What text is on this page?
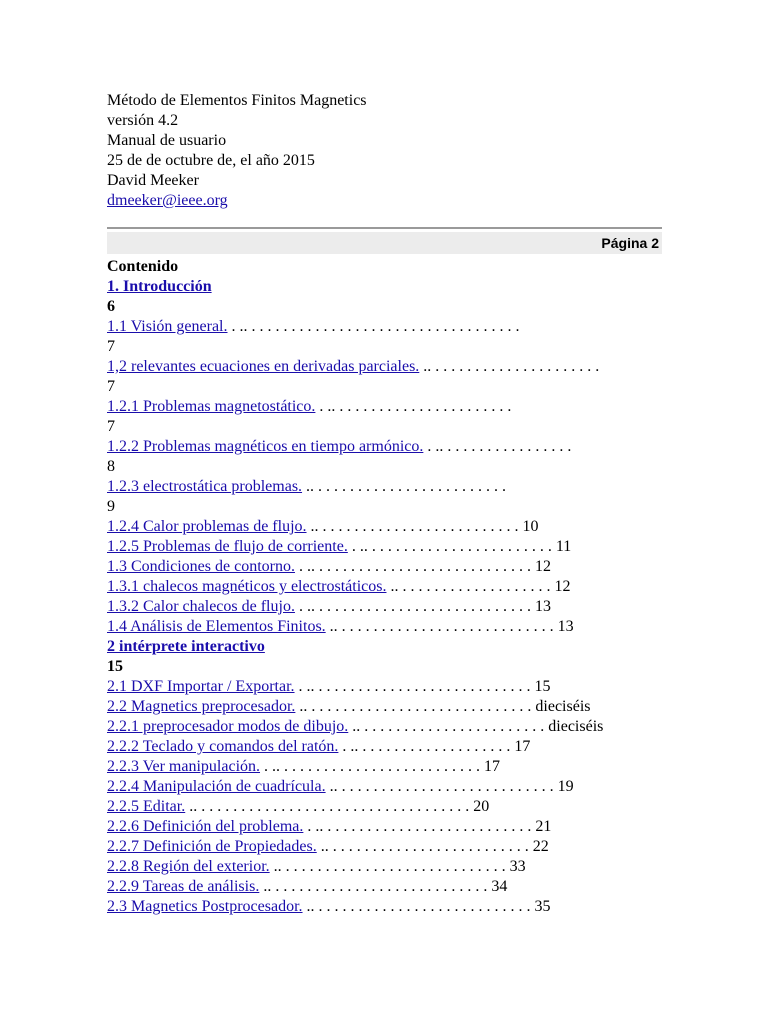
Método de Elementos Finitos Magnetics
versión 4.2
Manual de usuario
25 de de octubre de, el año 2015
David Meeker
dmeeker@ieee.org
Página 2
Contenido
1. Introducción
6
1.1 Visión general. . .. . . . . . . . . . . . . . . . . . . . . . . . . . . . . . . . . . .
7
1,2 relevantes ecuaciones en derivadas parciales. .. . . . . . . . . . . . . . . . . . . . . .
7
1.2.1 Problemas magnetostático. . .. . . . . . . . . . . . . . . . . . . . . . .
7
1.2.2 Problemas magnéticos en tiempo armónico. . .. . . . . . . . . . . . . . . . .
8
1.2.3 electrostática problemas. .. . . . . . . . . . . . . . . . . . . . . . . . .
9
1.2.4 Calor problemas de flujo. .. . . . . . . . . . . . . . . . . . . . . . . . . . 10
1.2.5 Problemas de flujo de corriente. . .. . . . . . . . . . . . . . . . . . . . . . . . 11
1.3 Condiciones de contorno. . .. . . . . . . . . . . . . . . . . . . . . . . . . . . . 12
1.3.1 chalecos magnéticos y electrostáticos. .. . . . . . . . . . . . . . . . . . . . 12
1.3.2 Calor chalecos de flujo. . .. . . . . . . . . . . . . . . . . . . . . . . . . . . . 13
1.4 Análisis de Elementos Finitos. .. . . . . . . . . . . . . . . . . . . . . . . . . . . . 13
2 intérprete interactivo
15
2.1 DXF Importar / Exportar. . .. . . . . . . . . . . . . . . . . . . . . . . . . . . . 15
2.2 Magnetics preprocesador. .. . . . . . . . . . . . . . . . . . . . . . . . . . . . . dieciséis
2.2.1 preprocesador modos de dibujo. .. . . . . . . . . . . . . . . . . . . . . . . . dieciséis
2.2.2 Teclado y comandos del ratón. . .. . . . . . . . . . . . . . . . . . . . 17
2.2.3 Ver manipulación. . .. . . . . . . . . . . . . . . . . . . . . . . . . . 17
2.2.4 Manipulación de cuadrícula. .. . . . . . . . . . . . . . . . . . . . . . . . . . . . 19
2.2.5 Editar. .. . . . . . . . . . . . . . . . . . . . . . . . . . . . . . . . . . . 20
2.2.6 Definición del problema. . .. . . . . . . . . . . . . . . . . . . . . . . . . . . 21
2.2.7 Definición de Propiedades. .. . . . . . . . . . . . . . . . . . . . . . . . . . 22
2.2.8 Región del exterior. .. . . . . . . . . . . . . . . . . . . . . . . . . . . . . 33
2.2.9 Tareas de análisis. .. . . . . . . . . . . . . . . . . . . . . . . . . . . . 34
2.3 Magnetics Postprocesador. .. . . . . . . . . . . . . . . . . . . . . . . . . . . . 35
